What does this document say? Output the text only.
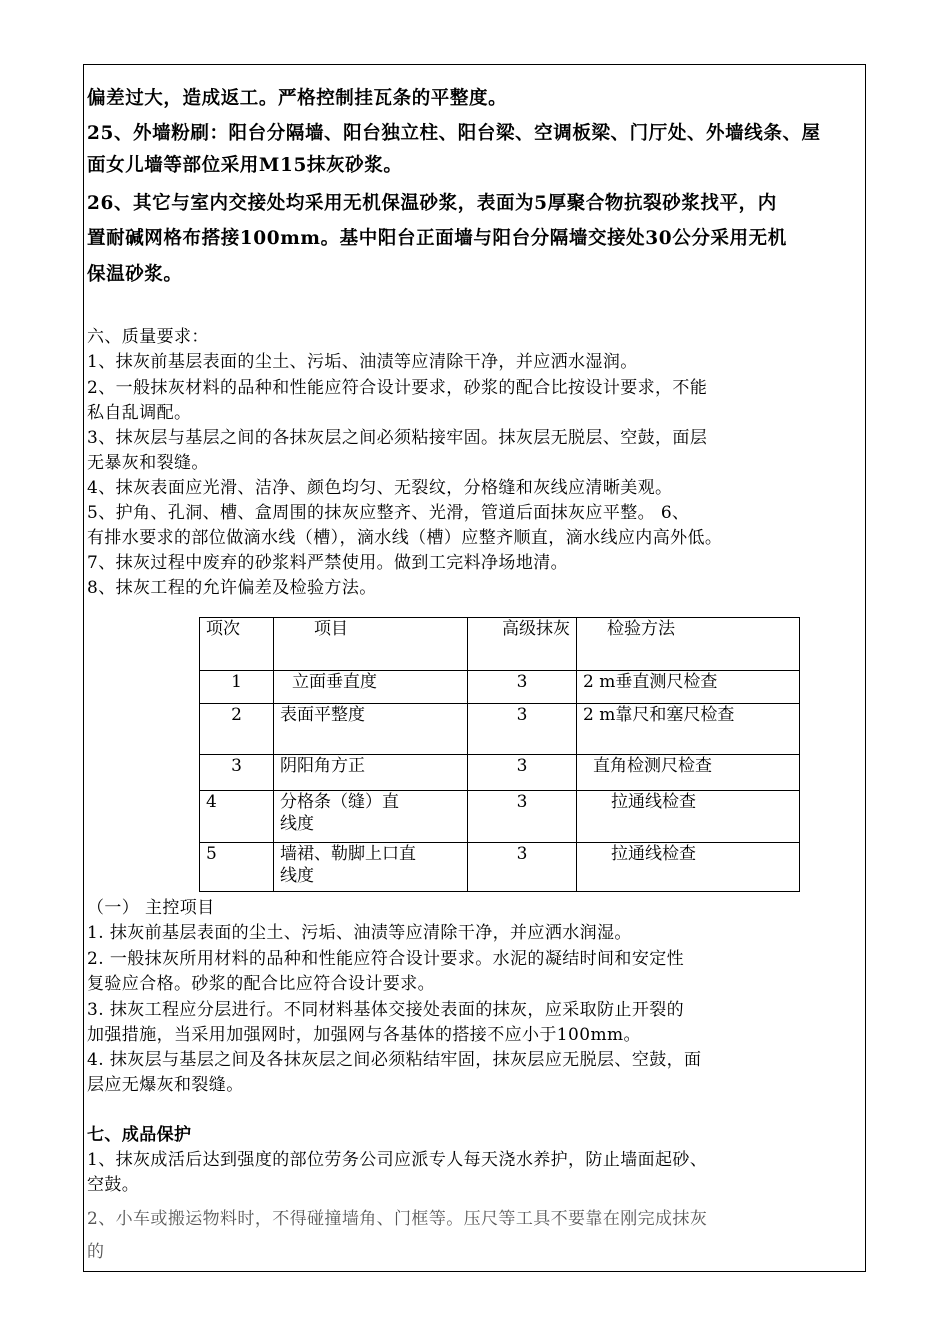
偏差过大，造成返工。严格控制挂瓦条的平整度。
25、外墙粉刷：阳台分隔墙、阳台独立柱、阳台梁、空调板梁、门厅处、外墙线条、屋
面女儿墙等部位采用M15抹灰砂浆。
26、其它与室内交接处均采用无机保温砂浆，表面为5厚聚合物抗裂砂浆找平，内
置耐碱网格布搭接100mm。基中阳台正面墙与阳台分隔墙交接处30公分采用无机
保温砂浆。
六、质量要求：
1、抹灰前基层表面的尘土、污垢、油渍等应清除干净，并应洒水湿润。
2、一般抹灰材料的品种和性能应符合设计要求，砂浆的配合比按设计要求，不能
私自乱调配。
3、抹灰层与基层之间的各抹灰层之间必须粘接牢固。抹灰层无脱层、空鼓，面层
无暴灰和裂缝。
4、抹灰表面应光滑、洁净、颜色均匀、无裂纹，分格缝和灰线应清晰美观。
5、护角、孔洞、槽、盒周围的抹灰应整齐、光滑，管道后面抹灰应平整。 6、
有排水要求的部位做滴水线（槽），滴水线（槽）应整齐顺直，滴水线应内高外低。
7、抹灰过程中废弃的砂浆料严禁使用。做到工完料净场地清。
8、抹灰工程的允许偏差及检验方法。
项次	项目	高级抹灰	检验方法
1	立面垂直度	3	2 m垂直测尺检查
2	表面平整度	3	2 m靠尺和塞尺检查

3	阴阳角方正	3	直角检测尺检查
4	分格条（缝）直线度	3	拉通线检查
5	墙裙、勒脚上口直线度	3	拉通线检查
（一） 主控项目
1. 抹灰前基层表面的尘土、污垢、油渍等应清除干净，并应洒水润湿。
2. 一般抹灰所用材料的品种和性能应符合设计要求。水泥的凝结时间和安定性
复验应合格。砂浆的配合比应符合设计要求。
3. 抹灰工程应分层进行。不同材料基体交接处表面的抹灰，应采取防止开裂的
加强措施，当采用加强网时，加强网与各基体的搭接不应小于100mm。
4. 抹灰层与基层之间及各抹灰层之间必须粘结牢固，抹灰层应无脱层、空鼓，面
层应无爆灰和裂缝。
七、成品保护
1、抹灰成活后达到强度的部位劳务公司应派专人每天浇水养护，防止墙面起砂、
空鼓。
2、小车或搬运物料时，不得碰撞墙角、门框等。压尺等工具不要靠在刚完成抹灰
的
